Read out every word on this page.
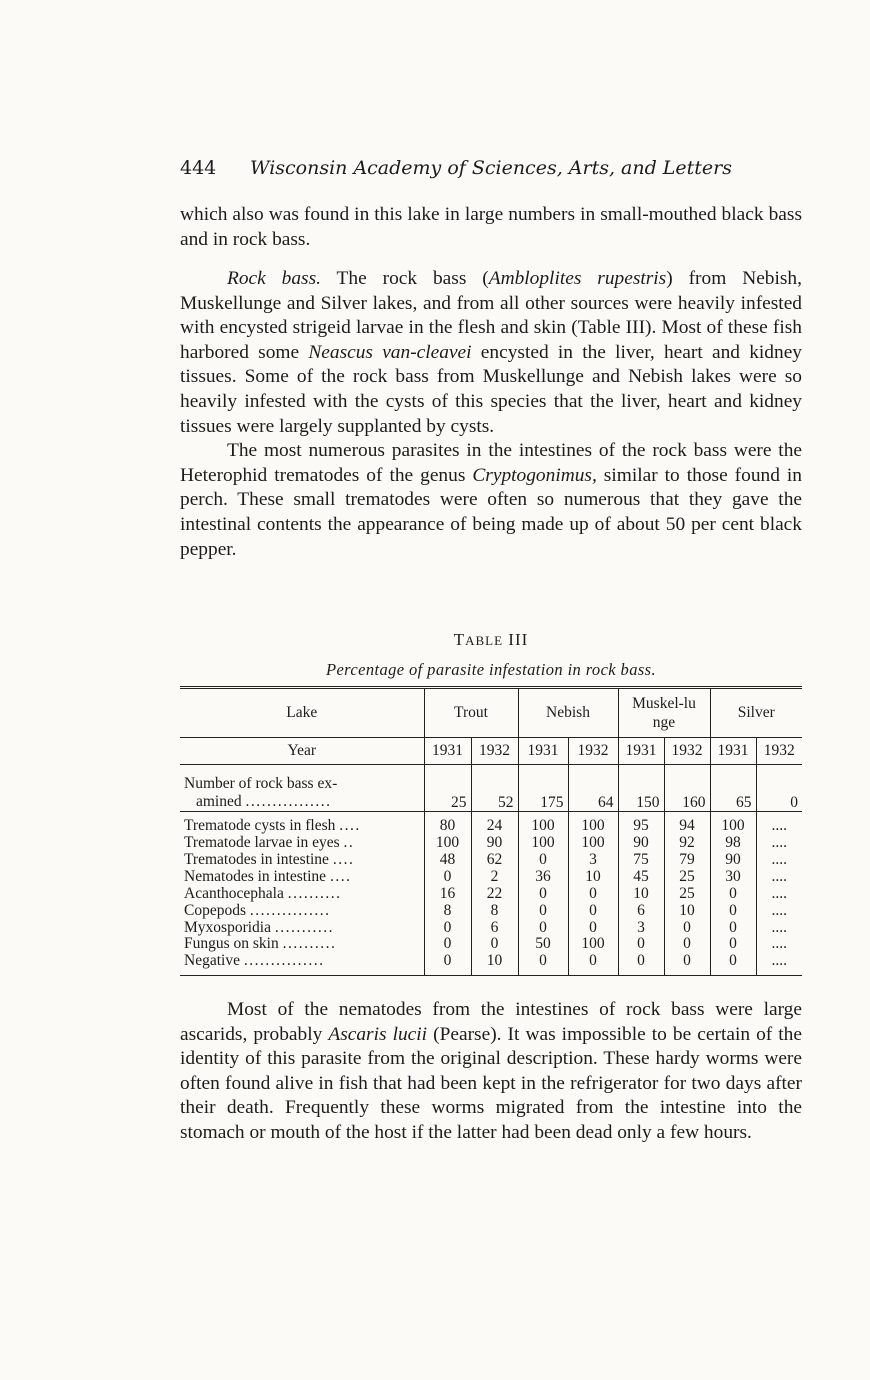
444 Wisconsin Academy of Sciences, Arts, and Letters

which also was found in this lake in large numbers in small-mouthed black bass and in rock bass.

Rock bass. The rock bass (Ambloplites rupestris) from Nebish, Muskellunge and Silver lakes, and from all other sources were heavily infested with encysted strigeid larvae in the flesh and skin (Table III). Most of these fish harbored some Neascus van-cleavei encysted in the liver, heart and kidney tissues. Some of the rock bass from Muskellunge and Nebish lakes were so heavily infested with the cysts of this species that the liver, heart and kidney tissues were largely supplanted by cysts.

The most numerous parasites in the intestines of the rock bass were the Heterophid trematodes of the genus Cryptogonimus, similar to those found in perch. These small trematodes were often so numerous that they gave the intestinal contents the appearance of being made up of about 50 per cent black pepper.

TABLE III
Percentage of parasite infestation in rock bass.
Lake	Trout		Nebish		Muskel-lunge		Silver	
Year	1931	1932	1931	1932	1931	1932	1931	1932
Number of rock bass ex-
amined ................	25	52	175	64	150	160	65	0
Trematode cysts in flesh ....	80	24	100	100	95	94	100	....
Trematode larvae in eyes ..	100	90	100	100	90	92	98	....
Trematodes in intestine ....	48	62	0	3	75	79	90	....
Nematodes in intestine ....	0	2	36	10	45	25	30	....
Acanthocephala ..........	16	22	0	0	10	25	0	....
Copepods ...............	8	8	0	0	6	10	0	....
Myxosporidia ...........	0	6	0	0	3	0	0	....
Fungus on skin ..........	0	0	50	100	0	0	0	....
Negative ...............	0	10	0	0	0	0	0	....

Most of the nematodes from the intestines of rock bass were large ascarids, probably Ascaris lucii (Pearse). It was impossible to be certain of the identity of this parasite from the original description. These hardy worms were often found alive in fish that had been kept in the refrigerator for two days after their death. Frequently these worms migrated from the intestine into the stomach or mouth of the host if the latter had been dead only a few hours.
